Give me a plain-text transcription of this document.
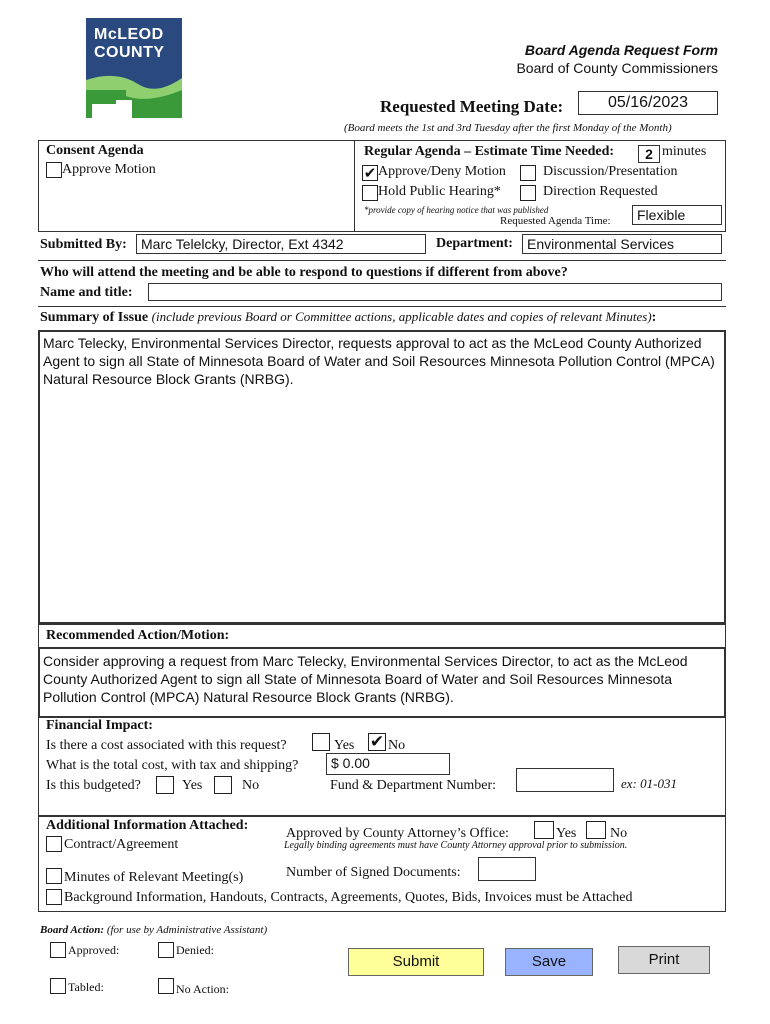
McLEOD
COUNTY	Board Agenda Request Form
Board of County Commissioners
Requested Meeting Date:	05/16/2023
(Board meets the 1st and 3rd Tuesday after the first Monday of the Month)
Consent Agenda
Approve Motion
Regular Agenda – Estimate Time Needed:	2 minutes
✔ Approve/Deny Motion	Discussion/Presentation
Hold Public Hearing*	Direction Requested
*provide copy of hearing notice that was published
Requested Agenda Time:	Flexible
Submitted By:	Marc Telelcky, Director, Ext 4342	Department:	Environmental Services
Who will attend the meeting and be able to respond to questions if different from above?
Name and title:
Summary of Issue (include previous Board or Committee actions, applicable dates and copies of relevant Minutes):
Marc Telecky, Environmental Services Director, requests approval to act as the McLeod County Authorized Agent to sign all State of Minnesota Board of Water and Soil Resources Minnesota Pollution Control (MPCA) Natural Resource Block Grants (NRBG).
Recommended Action/Motion:
Consider approving a request from Marc Telecky, Environmental Services Director, to act as the McLeod County Authorized Agent to sign all State of Minnesota Board of Water and Soil Resources Minnesota Pollution Control (MPCA) Natural Resource Block Grants (NRBG).
Financial Impact:
Is there a cost associated with this request?	Yes ✔ No
What is the total cost, with tax and shipping?	$ 0.00
Is this budgeted?	Yes	No	Fund & Department Number:	ex: 01-031
Additional Information Attached:
Contract/Agreement
Approved by County Attorney’s Office:	Yes No
Legally binding agreements must have County Attorney approval prior to submission.
Number of Signed Documents:
Minutes of Relevant Meeting(s)
Background Information, Handouts, Contracts, Agreements, Quotes, Bids, Invoices must be Attached
Board Action: (for use by Administrative Assistant)
Approved:	Denied:
Tabled:	No Action:
Submit	Save	Print
